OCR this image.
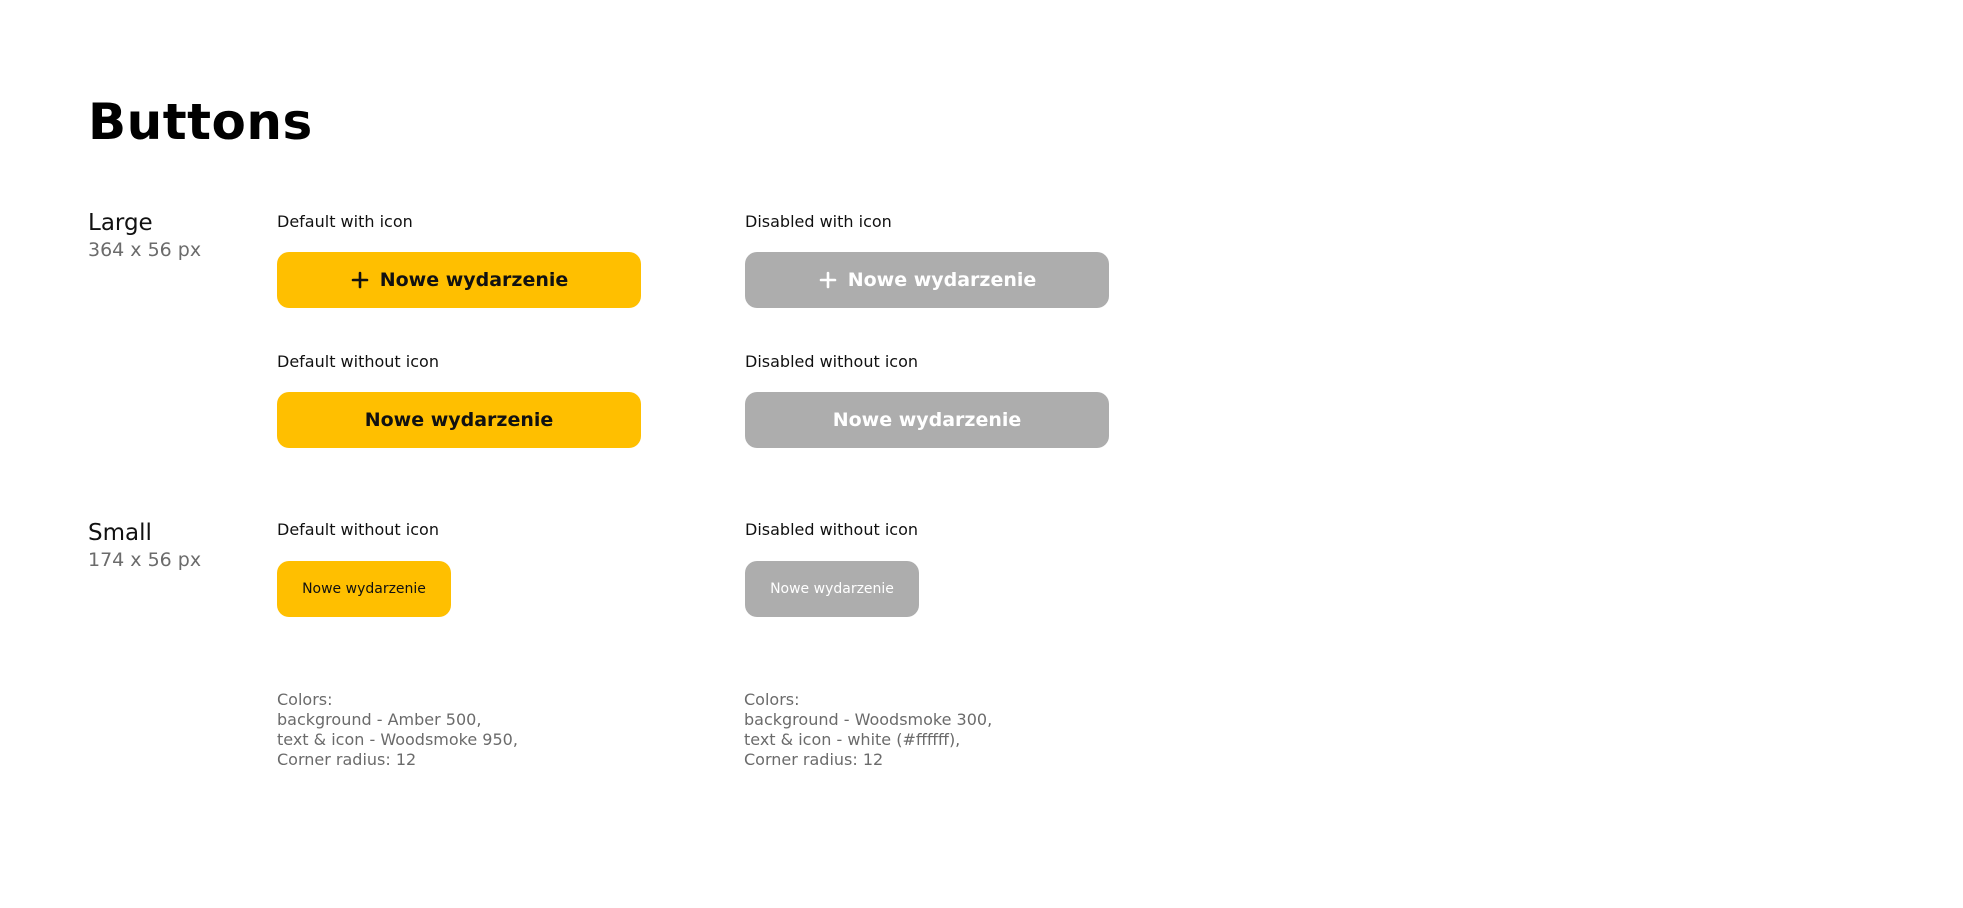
Buttons
Large
364 x 56 px
Default with icon
Nowe wydarzenie
Disabled with icon
Nowe wydarzenie
Default without icon
Nowe wydarzenie
Disabled without icon
Nowe wydarzenie
Small
174 x 56 px
Default without icon
Nowe wydarzenie
Disabled without icon
Nowe wydarzenie
Colors:
background - Amber 500,
text & icon - Woodsmoke 950,
Corner radius: 12
Colors:
background - Woodsmoke 300,
text & icon - white (#ffffff),
Corner radius: 12
